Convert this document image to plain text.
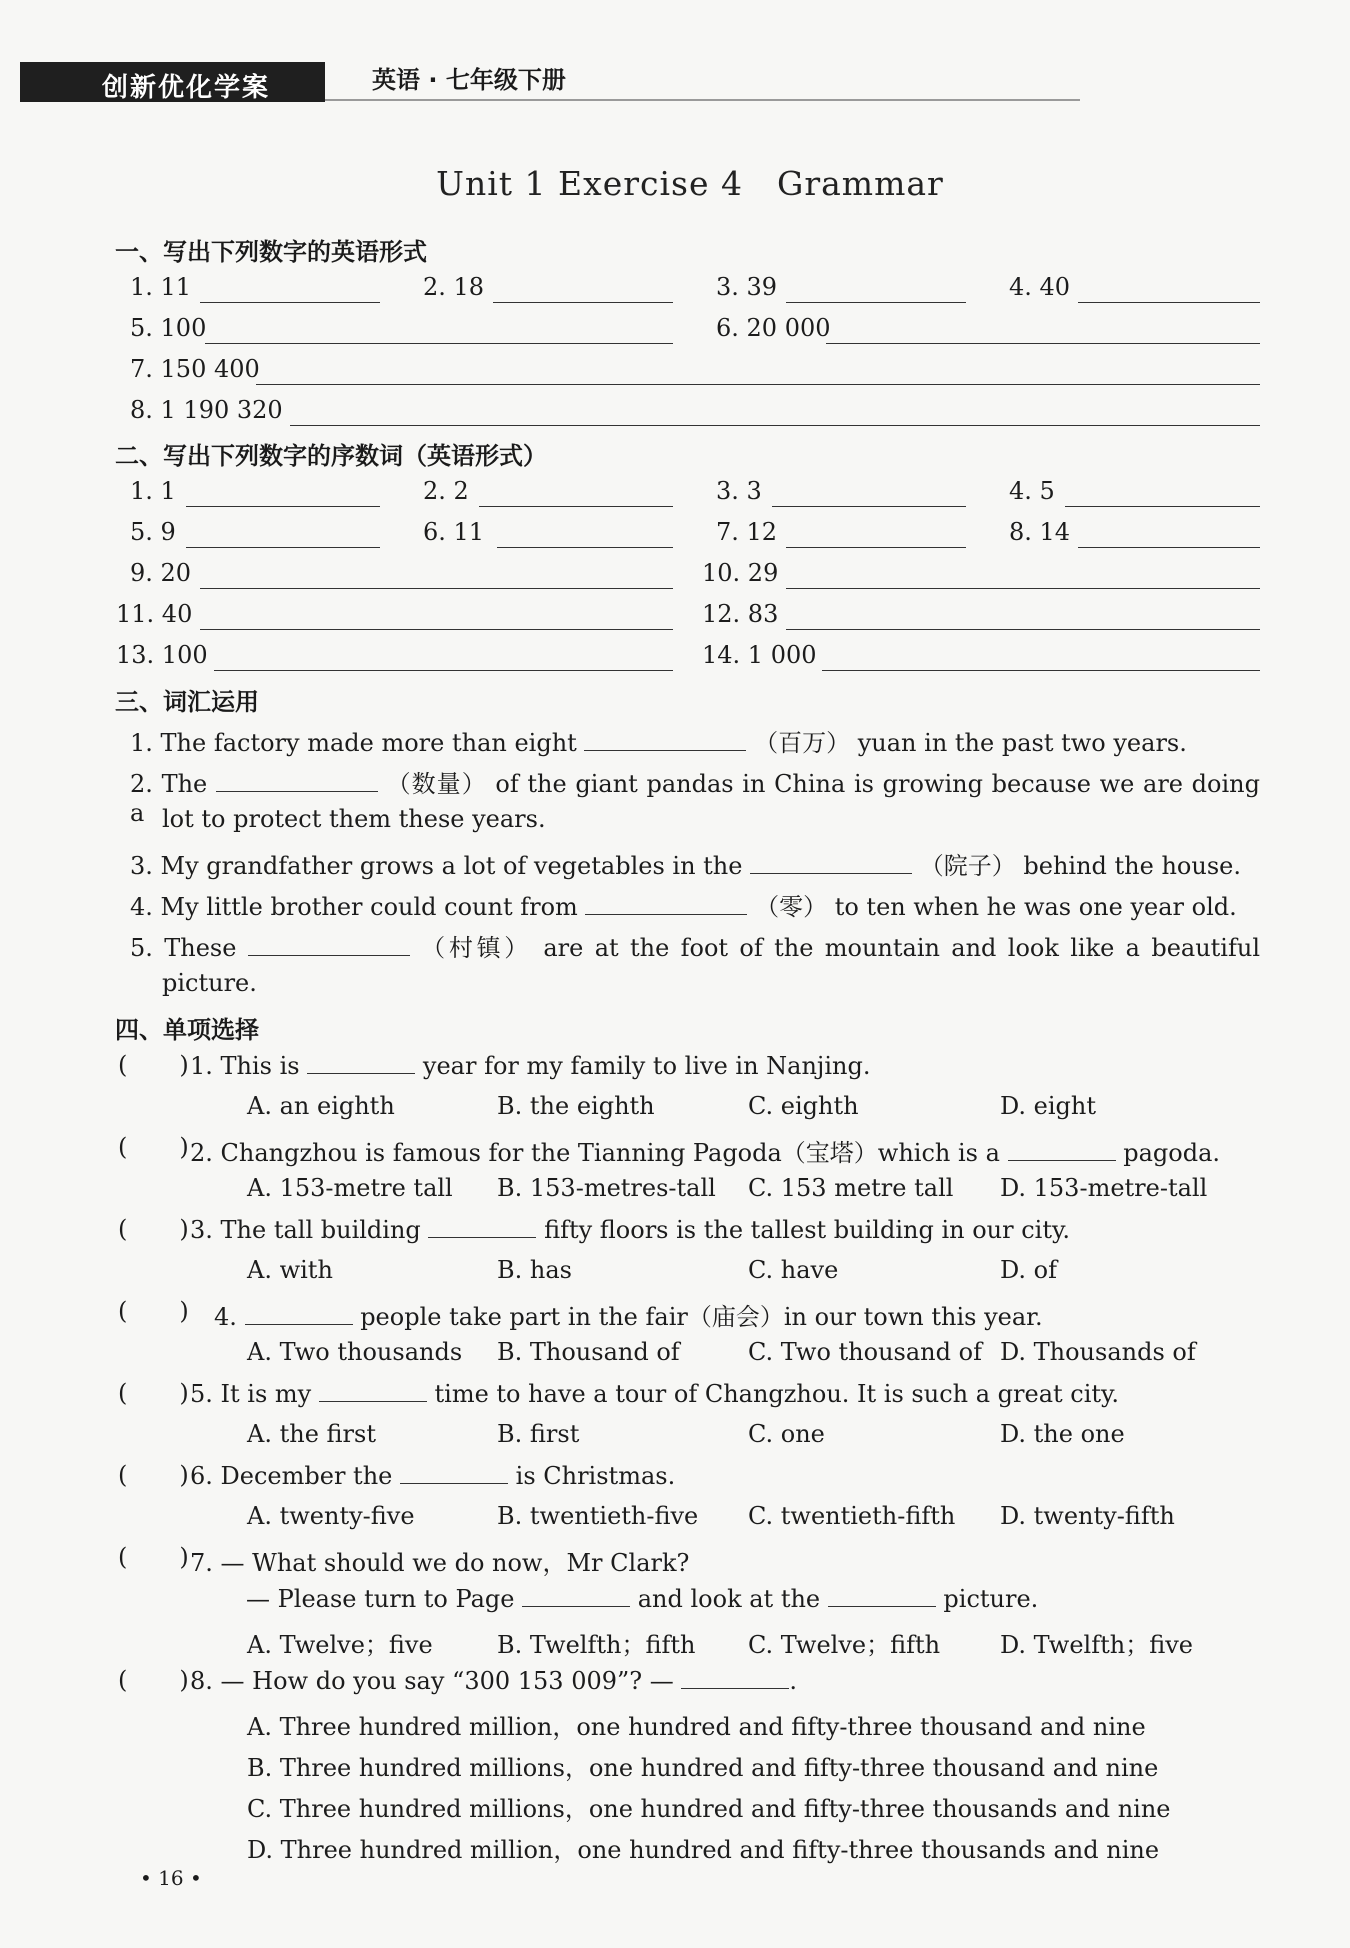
创新优化学案	英语 · 七年级下册
Unit 1 Exercise 4　Grammar
一、写出下列数字的英语形式
1. 11	2. 18	3. 39	4. 40
5. 100	6. 20 000
7. 150 400
8. 1 190 320
二、写出下列数字的序数词（英语形式）
1. 1	2. 2	3. 3	4. 5
5. 9	6. 11	7. 12	8. 14
9. 20	10. 29
11. 40	12. 83
13. 100	14. 1 000
三、词汇运用
1. The factory made more than eight	（百万） yuan in the past two years.
2. The	（数量） of the giant pandas in China is growing because we are doing a lot to protect them these years.
3. My grandfather grows a lot of vegetables in the	（院子） behind the house.
4. My little brother could count from	（零） to ten when he was one year old.
5. These	（村镇） are at the foot of the mountain and look like a beautiful
picture.
四、单项选择
( ) 1. This is	year for my family to live in Nanjing.
A. an eighth	B. the eighth	C. eighth	D. eight
( ) 2. Changzhou is famous for the Tianning Pagoda（宝塔）which is a	pagoda.
A. 153-metre tall B. 153-metres-tall C. 153 metre tall D. 153-metre-tall
( ) 3. The tall building	fifty floors is the tallest building in our city.
A. with	B. has	C. have	D. of
( ) 4.	people take part in the fair（庙会）in our town this year.
A. Two thousands B. Thousand of	C. Two thousand of D. Thousands of
( ) 5. It is my	time to have a tour of Changzhou. It is such a great city.
A. the first	B. first	C. one	D. the one
( ) 6. December the	is Christmas.
A. twenty-five	B. twentieth-five C. twentieth-fifth D. twenty-fifth
( ) 7. — What should we do now，Mr Clark?
— Please turn to Page	and look at the	picture.
A. Twelve；five	B. Twelfth；fifth C. Twelve；fifth D. Twelfth；five
( ) 8. — How do you say “300 153 009”? —	.
A. Three hundred million，one hundred and fifty-three thousand and nine
B. Three hundred millions，one hundred and fifty-three thousand and nine
C. Three hundred millions，one hundred and fifty-three thousands and nine
D. Three hundred million，one hundred and fifty-three thousands and nine
• 16 •
